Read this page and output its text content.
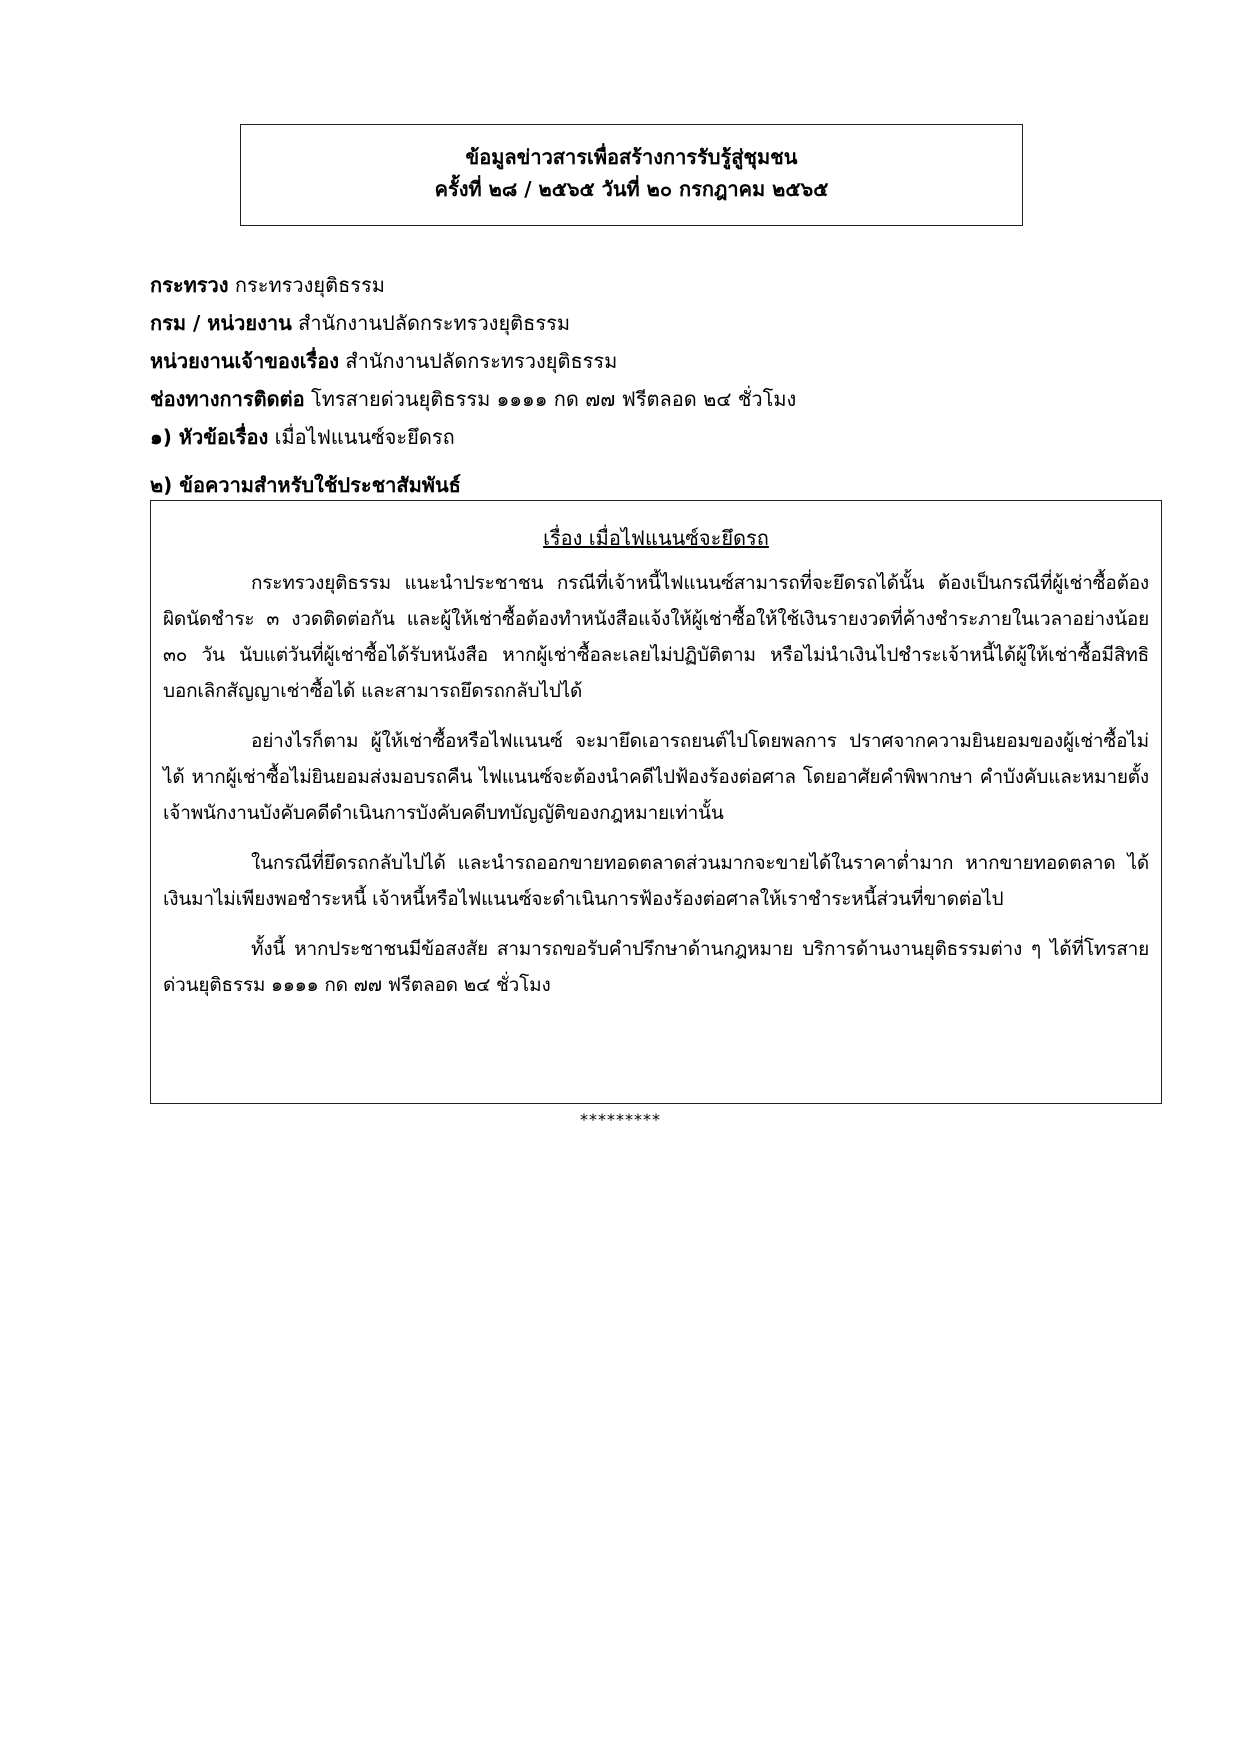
ข้อมูลข่าวสารเพื่อสร้างการรับรู้สู่ชุมชน
ครั้งที่ ๒๘ / ๒๕๖๕ วันที่ ๒๐ กรกฎาคม ๒๕๖๕
กระทรวง กระทรวงยุติธรรม
กรม / หน่วยงาน สำนักงานปลัดกระทรวงยุติธรรม
หน่วยงานเจ้าของเรื่อง สำนักงานปลัดกระทรวงยุติธรรม
ช่องทางการติดต่อ โทรสายด่วนยุติธรรม ๑๑๑๑ กด ๗๗ ฟรีตลอด ๒๔ ชั่วโมง
๑) หัวข้อเรื่อง เมื่อไฟแนนซ์จะยึดรถ
๒) ข้อความสำหรับใช้ประชาสัมพันธ์
เรื่อง เมื่อไฟแนนซ์จะยึดรถ

กระทรวงยุติธรรม แนะนำประชาชน กรณีที่เจ้าหนี้ไฟแนนซ์สามารถที่จะยึดรถได้นั้น ต้องเป็นกรณีที่ผู้เช่าซื้อต้องผิดนัดชำระ ๓ งวดติดต่อกัน และผู้ให้เช่าซื้อต้องทำหนังสือแจ้งให้ผู้เช่าซื้อให้ใช้เงินรายงวดที่ค้างชำระภายในเวลาอย่างน้อย ๓๐ วัน นับแต่วันที่ผู้เช่าซื้อได้รับหนังสือ หากผู้เช่าซื้อละเลยไม่ปฏิบัติตาม หรือไม่นำเงินไปชำระเจ้าหนี้ได้ผู้ให้เช่าซื้อมีสิทธิบอกเลิกสัญญาเช่าซื้อได้ และสามารถยึดรถกลับไปได้

อย่างไรก็ตาม ผู้ให้เช่าซื้อหรือไฟแนนซ์ จะมายึดเอารถยนต์ไปโดยพลการ ปราศจากความยินยอมของผู้เช่าซื้อไม่ได้ หากผู้เช่าซื้อไม่ยินยอมส่งมอบรถคืน ไฟแนนซ์จะต้องนำคดีไปฟ้องร้องต่อศาล โดยอาศัยคำพิพากษา คำบังคับและหมายตั้งเจ้าพนักงานบังคับคดีดำเนินการบังคับคดีบทบัญญัติของกฎหมายเท่านั้น

ในกรณีที่ยึดรถกลับไปได้ และนำรถออกขายทอดตลาดส่วนมากจะขายได้ในราคาต่ำมาก หากขายทอดตลาด ได้เงินมาไม่เพียงพอชำระหนี้ เจ้าหนี้หรือไฟแนนซ์จะดำเนินการฟ้องร้องต่อศาลให้เราชำระหนี้ส่วนที่ขาดต่อไป

ทั้งนี้ หากประชาชนมีข้อสงสัย สามารถขอรับคำปรึกษาด้านกฎหมาย บริการด้านงานยุติธรรมต่าง ๆ ได้ที่โทรสายด่วนยุติธรรม ๑๑๑๑ กด ๗๗ ฟรีตลอด ๒๔ ชั่วโมง

*********
